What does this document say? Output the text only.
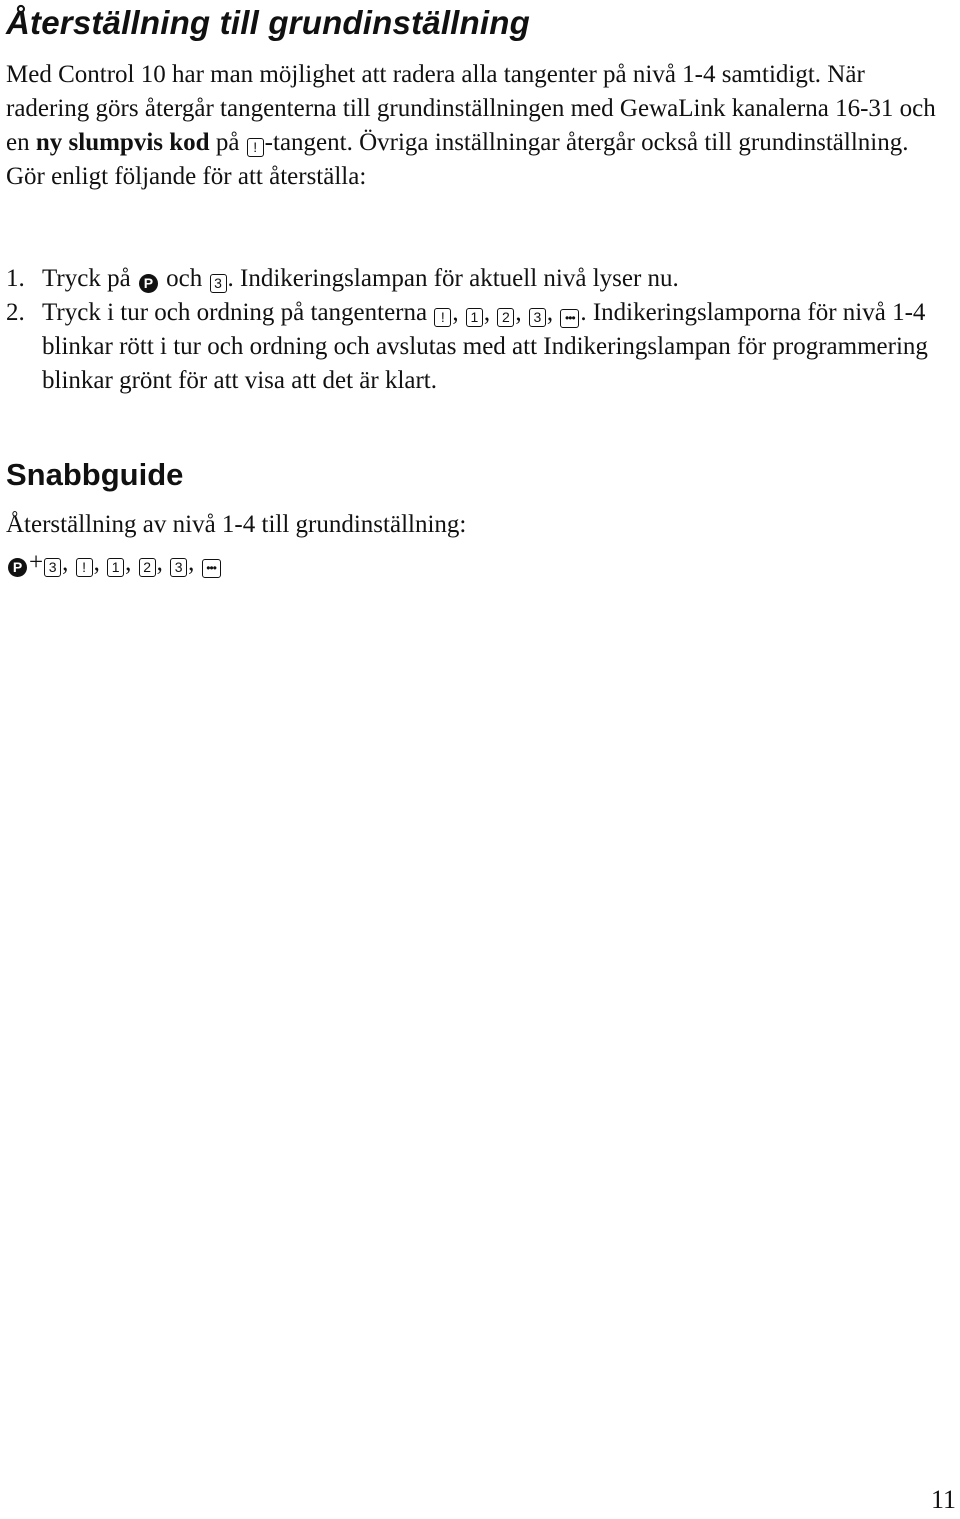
Återställning till grundinställning

Med Control 10 har man möjlighet att radera alla tangenter på nivå 1-4 samtidigt. När radering görs återgår tangenterna till grundinställningen med GewaLink kanalerna 16-31 och en ny slumpvis kod på ! -tangent. Övriga inställningar återgår också till grundinställning. Gör enligt följande för att återställa:

1. Tryck på P och 3 . Indikeringslampan för aktuell nivå lyser nu.
2. Tryck i tur och ordning på tangenterna ! , 1 , 2 , 3 , ••• . Indikeringslamporna för nivå 1-4 blinkar rött i tur och ordning och avslutas med att Indikeringslampan för programmering blinkar grönt för att visa att det är klart.
Snabbguide

Återställning av nivå 1-4 till grundinställning:

P + 3 , ! , 1 , 2 , 3 , •••

11
